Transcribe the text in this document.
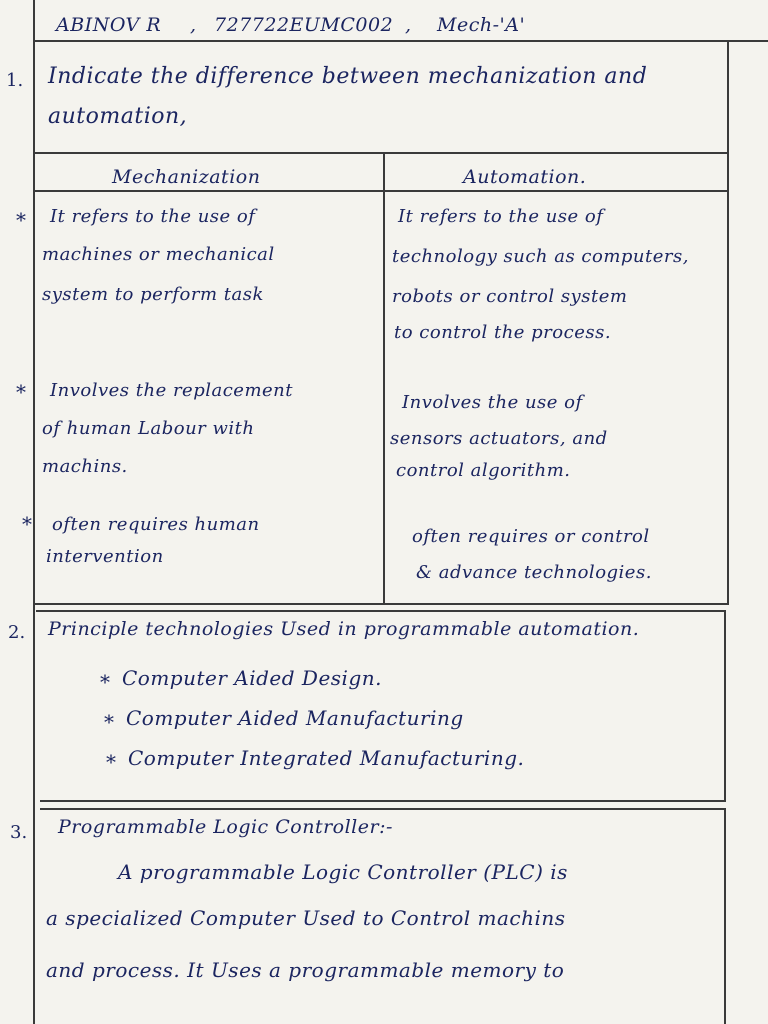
ABINOV R , 727722EUMC002 , Mech-'A'
1. Indicate the difference between mechanization and
automation,
Mechanization	Automation.
* It refers to the use of
machines or mechanical
system to perform task
It refers to the use of
technology such as computers,
robots or control system
to control the process.
* Involves the replacement
of human Labour with
machins.
Involves the use of
sensors actuators, and
control algorithm.
* often requires human
intervention
often requires or control
& advance technologies.
2. Principle technologies Used in programmable automation.
* Computer Aided Design.
* Computer Aided Manufacturing
* Computer Integrated Manufacturing.
3. Programmable Logic Controller:-
A programmable Logic Controller (PLC) is
a specialized Computer Used to Control machins
and process. It Uses a programmable memory to
